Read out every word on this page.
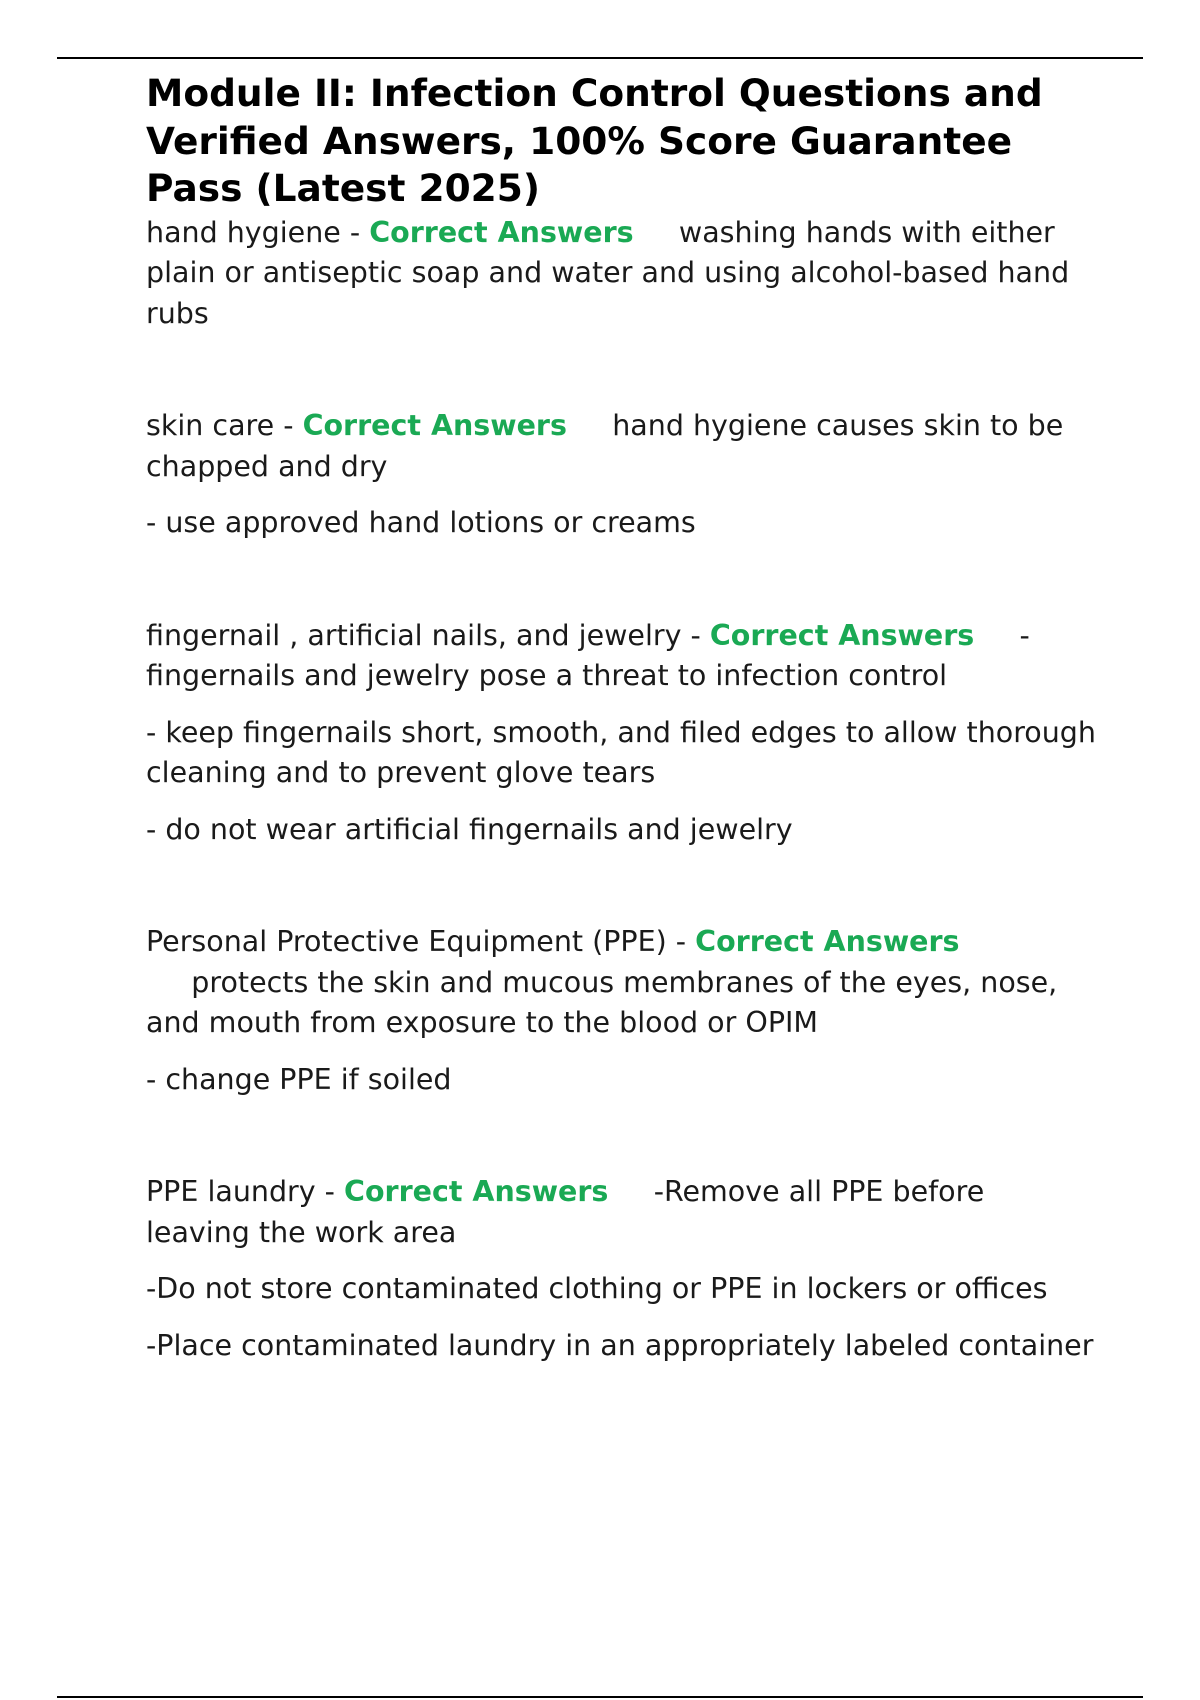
Module II: Infection Control Questions and Verified Answers, 100% Score Guarantee Pass (Latest 2025)

hand hygiene - Correct Answers washing hands with either plain or antiseptic soap and water and using alcohol-based hand rubs

skin care - Correct Answers hand hygiene causes skin to be chapped and dry

- use approved hand lotions or creams

fingernail , artificial nails, and jewelry - Correct Answers - fingernails and jewelry pose a threat to infection control

- keep fingernails short, smooth, and filed edges to allow thorough cleaning and to prevent glove tears

- do not wear artificial fingernails and jewelry

Personal Protective Equipment (PPE) - Correct Answers     protects the skin and mucous membranes of the eyes, nose, and mouth from exposure to the blood or OPIM

- change PPE if soiled

PPE laundry - Correct Answers -Remove all PPE before leaving the work area

-Do not store contaminated clothing or PPE in lockers or offices

-Place contaminated laundry in an appropriately labeled container
